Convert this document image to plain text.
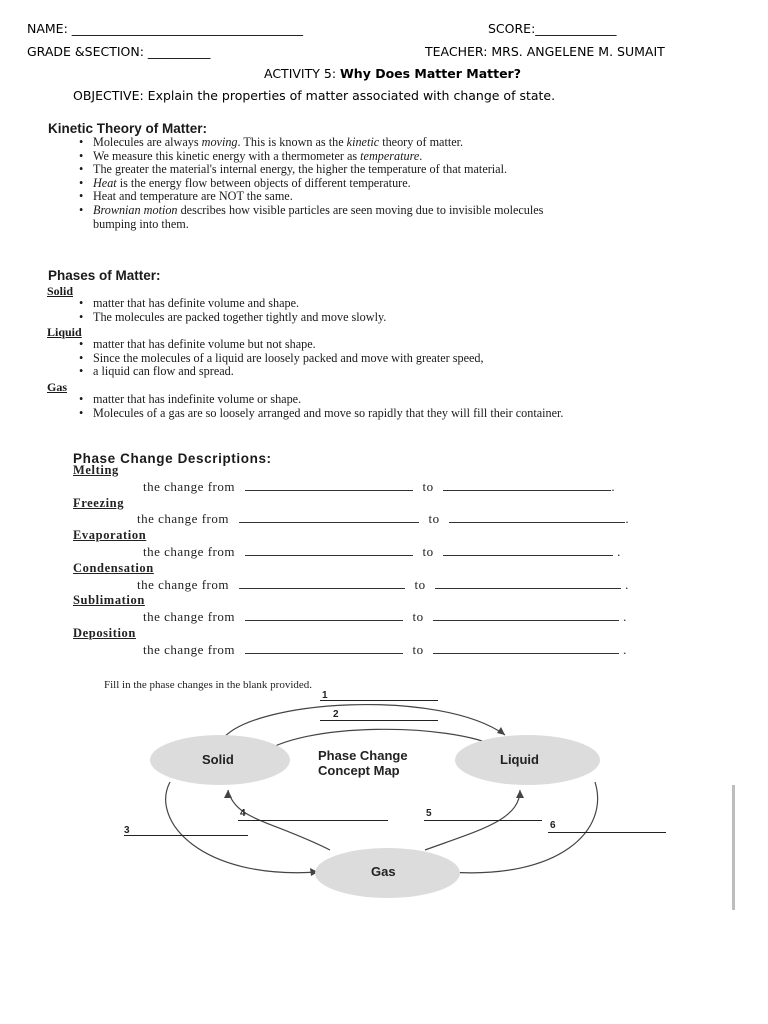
NAME: _____________________________________	SCORE:_____________
GRADE &SECTION: __________	TEACHER: MRS. ANGELENE M. SUMAIT
ACTIVITY 5: Why Does Matter Matter?
OBJECTIVE: Explain the properties of matter associated with change of state.
Kinetic Theory of Matter:
• Molecules are always moving. This is known as the kinetic theory of matter.
• We measure this kinetic energy with a thermometer as temperature.
• The greater the material's internal energy, the higher the temperature of that material.
• Heat is the energy flow between objects of different temperature.
• Heat and temperature are NOT the same.
• Brownian motion describes how visible particles are seen moving due to invisible molecules
bumping into them.
Phases of Matter:
Solid
• matter that has definite volume and shape.
• The molecules are packed together tightly and move slowly.
Liquid
• matter that has definite volume but not shape.
• Since the molecules of a liquid are loosely packed and move with greater speed,
• a liquid can flow and spread.
Gas
• matter that has indefinite volume or shape.
• Molecules of a gas are so loosely arranged and move so rapidly that they will fill their container.
Phase Change Descriptions:
Melting
the change from	to	.
Freezing
the change from	to	.
Evaporation
the change from	to	.
Condensation
the change from	to	.
Sublimation
the change from	to	.
Deposition
the change from	to	.
Fill in the phase changes in the blank provided.
1
2
Solid	Phase Change
Concept Map
Liquid
3
4	5
6
Gas
